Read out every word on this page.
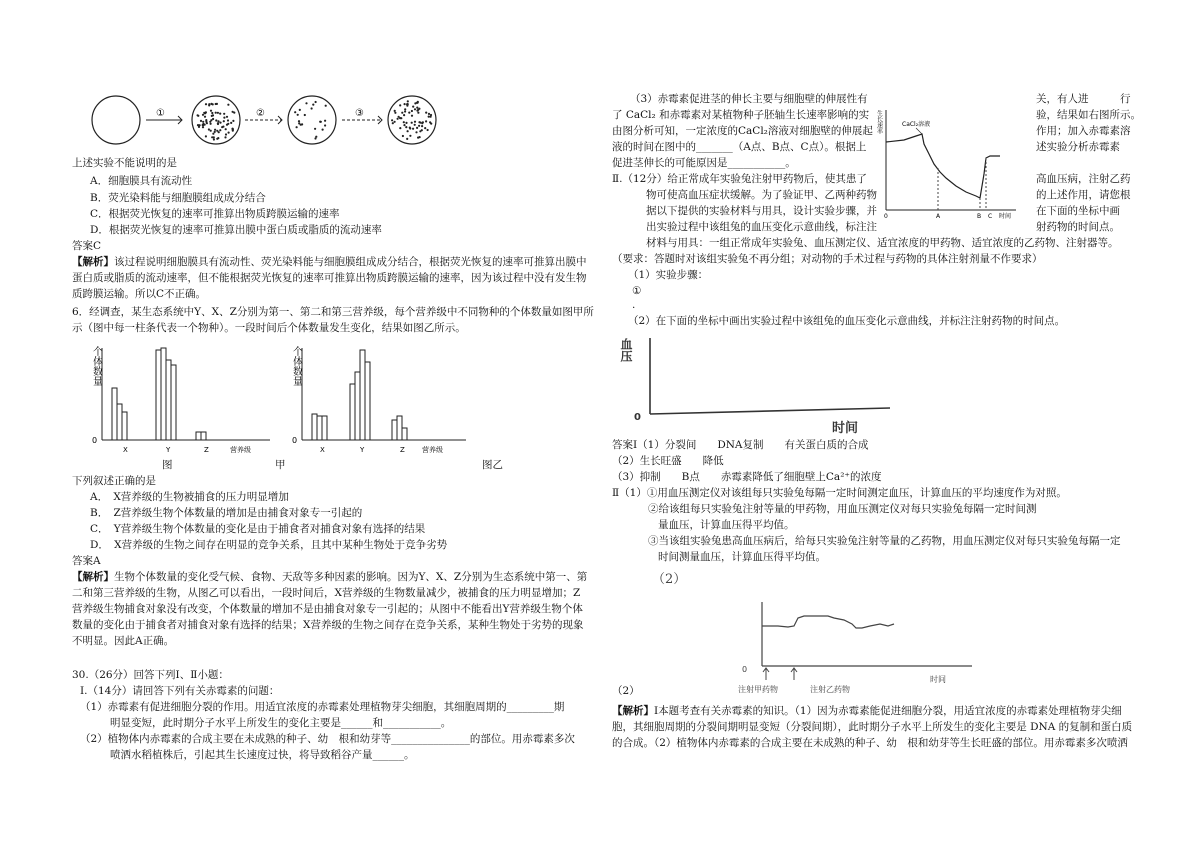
①	②	③
上述实验不能说明的是
A．细胞膜具有流动性
B．荧光染料能与细胞膜组成成分结合
C．根据荧光恢复的速率可推算出物质跨膜运输的速率
D．根据荧光恢复的速率可推算出膜中蛋白质或脂质的流动速率
答案C
【解析】该过程说明细胞膜具有流动性、荧光染料能与细胞膜组成成分结合，根据荧光恢复的速率可推算出膜中
蛋白质或脂质的流动速率，但不能根据荧光恢复的速率可推算出物质跨膜运输的速率，因为该过程中没有发生物
质跨膜运输。所以C不正确。
6．经调查，某生态系统中Y、X、Z分别为第一、第二和第三营养级，每个营养级中不同物种的个体数量如图甲所
示（图中每一柱条代表一个物种）。一段时间后个体数量发生变化，结果如图乙所示。
个体数量
0
X	Y	Z	营养级
个体数量
0
X	Y	Z 营养级
图	甲	图乙
下列叙述正确的是
A．　X营养级的生物被捕食的压力明显增加
B．　Z营养级生物个体数量的增加是由捕食对象专一引起的
C．　Y营养级生物个体数量的变化是由于捕食者对捕食对象有选择的结果
D．　X营养级的生物之间存在明显的竞争关系，且其中某种生物处于竞争劣势
答案A
【解析】生物个体数量的变化受气候、食物、天敌等多种因素的影响。因为Y、X、Z分别为生态系统中第一、第
二和第三营养级的生物，从图乙可以看出，一段时间后，X营养级的生物数量减少，被捕食的压力明显增加；Z
营养级生物捕食对象没有改变，个体数量的增加不是由捕食对象专一引起的；从图中不能看出Y营养级生物个体
数量的变化由于捕食者对捕食对象有选择的结果；X营养级的生物之间存在竞争关系，某种生物处于劣势的现象
不明显。因此A正确。
30.（26分）回答下列Ⅰ、Ⅱ小题：
Ⅰ.（14分）请回答下列有关赤霉素的问题：
（1）赤霉素有促进细胞分裂的作用。用适宜浓度的赤霉素处理植物芽尖细胞，其细胞周期的_________期
明显变短，此时期分子水平上所发生的变化主要是______和___________。
（2）植物体内赤霉素的合成主要在未成熟的种子、幼　根和幼芽等_______________的部位。用赤霉素多次
喷洒水稻植株后，引起其生长速度过快，将导致稻谷产量______。
（3）赤霉素促进茎的伸长主要与细胞壁的伸展性有
了 CaCl₂ 和赤霉素对某植物种子胚轴生长速率影响的实
由图分析可知，一定浓度的CaCl₂溶液对细胞壁的伸展起
液的时间在图中的_______（A点、B点、C点）。根据上
促进茎伸长的可能原因是___________。
生长速率	CaCl₂溶液
0	A	B C 时间
关，有人进　　　行
验，结果如右图所示。
作用；加入赤霉素溶
述实验分析赤霉素
Ⅱ.（12分）给正常成年实验兔注射甲药物后，使其患了
物可使高血压症状缓解。为了验证甲、乙两种药物
据以下提供的实验材料与用具，设计实验步骤，并
出实验过程中该组兔的血压变化示意曲线，标注注
高血压病，注射乙药
的上述作用，请您根
在下面的坐标中画
射药物的时间点。
材料与用具：一组正常成年实验兔、血压测定仪、适宜浓度的甲药物、适宜浓度的乙药物、注射器等。
（要求：答题时对该组实验兔不再分组；对动物的手术过程与药物的具体注射剂量不作要求）
（1）实验步骤：
①
.
（2）在下面的坐标中画出实验过程中该组兔的血压变化示意曲线，并标注注射药物的时间点。
血压
0
时间
答案Ⅰ（1）分裂间　　DNA复制　　有关蛋白质的合成
（2）生长旺盛　　降低
（3）抑制　　B点　　赤霉素降低了细胞壁上Ca²⁺的浓度
Ⅱ（1）①用血压测定仪对该组每只实验兔每隔一定时间测定血压，计算血压的平均速度作为对照。
②给该组每只实验兔注射等量的甲药物，用血压测定仪对每只实验兔每隔一定时间测
量血压，计算血压得平均值。
③当该组实验兔患高血压病后，给每只实验兔注射等量的乙药物，用血压测定仪对每只实验兔每隔一定
时间测量血压，计算血压得平均值。
（2）
0
注射甲药物	注射乙药物
时间
（2）
【解析】Ⅰ本题考查有关赤霉素的知识。（1）因为赤霉素能促进细胞分裂，用适宜浓度的赤霉素处理植物芽尖细
胞，其细胞周期的分裂间期明显变短（分裂间期），此时期分子水平上所发生的变化主要是 DNA 的复制和蛋白质
的合成。（2）植物体内赤霉素的合成主要在未成熟的种子、幼　根和幼芽等生长旺盛的部位。用赤霉素多次喷洒
